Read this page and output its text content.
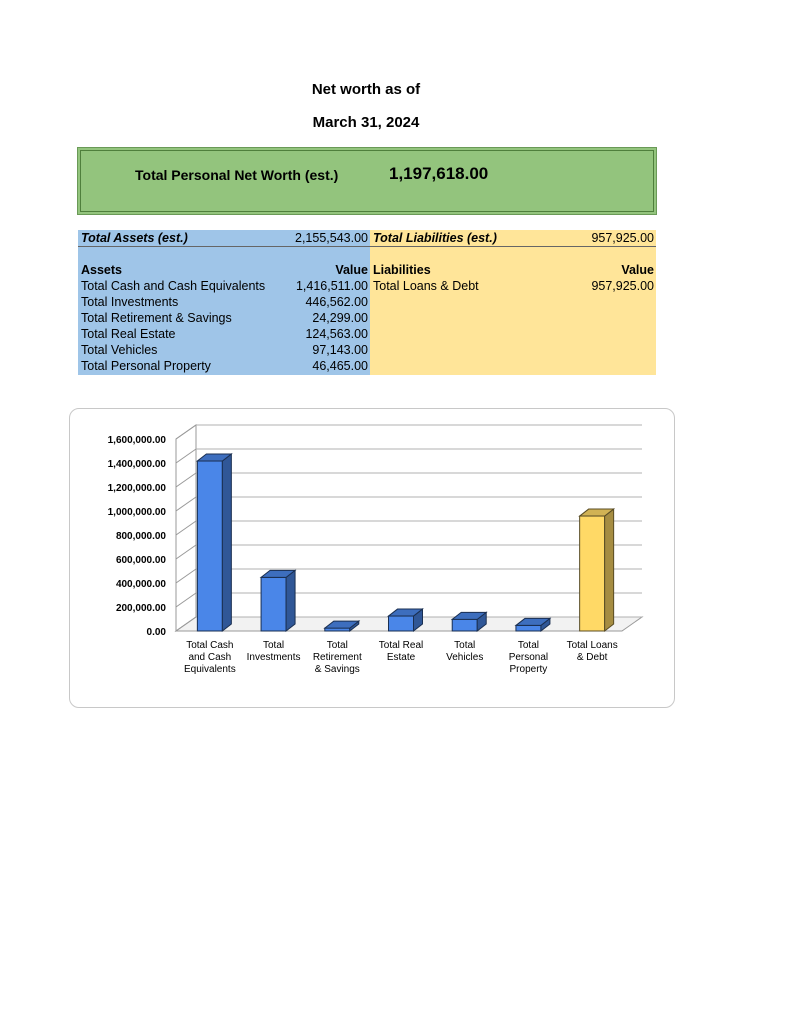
Net worth as of
March 31, 2024
Total Personal Net Worth (est.)	1,197,618.00
Total Assets (est.)	2,155,543.00
Assets	Value
Total Cash and Cash Equivalents 1,416,511.00
Total Investments	446,562.00
Total Retirement & Savings	24,299.00
Total Real Estate	124,563.00
Total Vehicles	97,143.00
Total Personal Property	46,465.00
Total Liabilities (est.)	957,925.00
Liabilities	Value
Total Loans & Debt	957,925.00
0.00
200,000.00
400,000.00
600,000.00
800,000.00
1,000,000.00
1,200,000.00
1,400,000.00
1,600,000.00
Total Cash and Cash Equivalents
Total Investments
Total Retirement & Savings
Total Real Estate
Total Vehicles
Total Personal Property
Total Loans & Debt
